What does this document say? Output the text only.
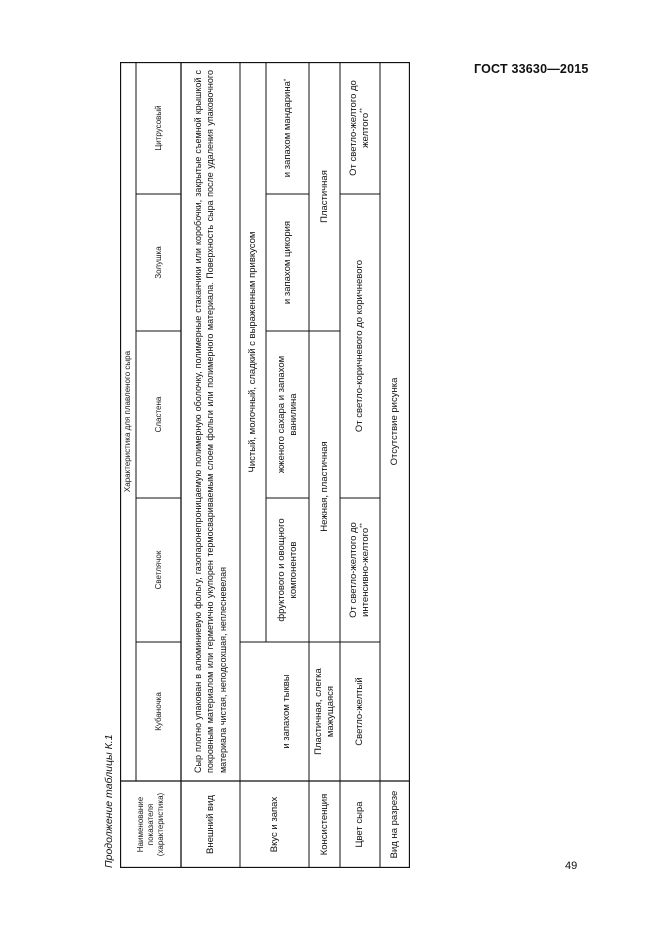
ГОСТ 33630—2015
Продолжение таблицы К.1	Наименование показателя (характеристика)
Характеристика для плавленого сыра
Кубаночка
Светлячок
Сластена
Золушка
Цитрусовый
Внешний вид
Сыр плотно упакован в алюминиевую фольгу, газопаронепроницаемую полимерную оболочку, полимерные стаканчики или коробочки, закрытые съемной крышкой с покровным материалом или герметично укупорен термосвариваемым слоем фольги или полимерного материала. Поверхность сыра после удаления упаковочного материала чистая, неподсохшая, неплесневелая
Вкус и запах
Чистый, молочный, сладкий с выраженным привкусом
и запахом тыквы
фруктового и овощного компонентов
жженого сахара и запахом ванилина
и запахом цикория
и запахом мандарина
*
Консистенция
Пластичная, слегка мажущаяся
Нежная, пластичная
Пластичная
Цвет сыра
Светло-желтый
От светло-желтого до интенсивно-желтого**
От светло-коричневого до коричневого
От светло-желтого до желтого**
Вид на разрезе
Отсутствие рисунка
49
